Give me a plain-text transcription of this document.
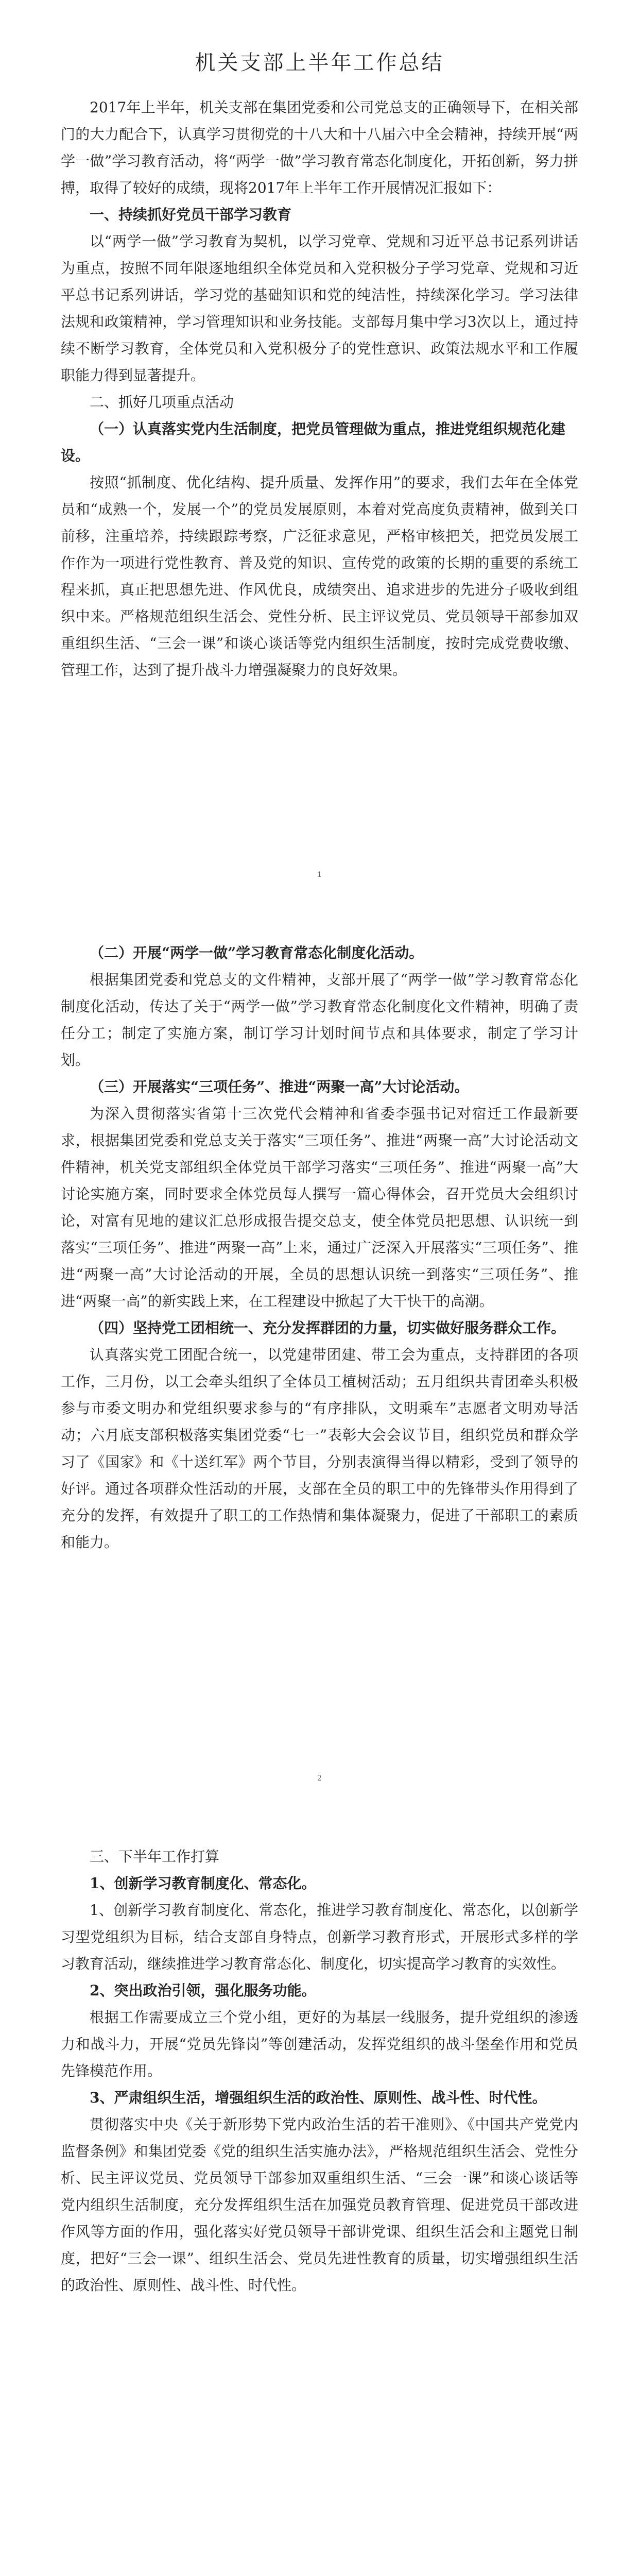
机关支部上半年工作总结

2017年上半年，机关支部在集团党委和公司党总支的正确领导下，在相关部门的大力配合下，认真学习贯彻党的十八大和十八届六中全会精神，持续开展“两学一做”学习教育活动，将“两学一做”学习教育常态化制度化，开拓创新，努力拼搏，取得了较好的成绩，现将2017年上半年工作开展情况汇报如下：

一、持续抓好党员干部学习教育

以“两学一做”学习教育为契机，以学习党章、党规和习近平总书记系列讲话为重点，按照不同年限逐地组织全体党员和入党积极分子学习党章、党规和习近平总书记系列讲话，学习党的基础知识和党的纯洁性，持续深化学习。学习法律法规和政策精神，学习管理知识和业务技能。支部每月集中学习3次以上，通过持续不断学习教育，全体党员和入党积极分子的党性意识、政策法规水平和工作履职能力得到显著提升。

二、抓好几项重点活动

（一）认真落实党内生活制度，把党员管理做为重点，推进党组织规范化建设。

按照“抓制度、优化结构、提升质量、发挥作用”的要求，我们去年在全体党员和“成熟一个，发展一个”的党员发展原则，本着对党高度负责精神，做到关口前移，注重培养，持续跟踪考察，广泛征求意见，严格审核把关，把党员发展工作作为一项进行党性教育、普及党的知识、宣传党的政策的长期的重要的系统工程来抓，真正把思想先进、作风优良，成绩突出、追求进步的先进分子吸收到组织中来。严格规范组织生活会、党性分析、民主评议党员、党员领导干部参加双重组织生活、“三会一课”和谈心谈话等党内组织生活制度，按时完成党费收缴、管理工作，达到了提升战斗力增强凝聚力的良好效果。

1

（二）开展“两学一做”学习教育常态化制度化活动。

根据集团党委和党总支的文件精神，支部开展了“两学一做”学习教育常态化制度化活动，传达了关于“两学一做”学习教育常态化制度化文件精神，明确了责任分工；制定了实施方案，制订学习计划时间节点和具体要求，制定了学习计划。

（三）开展落实“三项任务”、推进“两聚一高”大讨论活动。

为深入贯彻落实省第十三次党代会精神和省委李强书记对宿迁工作最新要求，根据集团党委和党总支关于落实“三项任务”、推进“两聚一高”大讨论活动文件精神，机关党支部组织全体党员干部学习落实“三项任务”、推进“两聚一高”大讨论实施方案，同时要求全体党员每人撰写一篇心得体会，召开党员大会组织讨论，对富有见地的建议汇总形成报告提交总支，使全体党员把思想、认识统一到落实“三项任务”、推进“两聚一高”上来，通过广泛深入开展落实“三项任务”、推进“两聚一高”大讨论活动的开展，全员的思想认识统一到落实“三项任务”、推进“两聚一高”的新实践上来，在工程建设中掀起了大干快干的高潮。

（四）坚持党工团相统一、充分发挥群团的力量，切实做好服务群众工作。

认真落实党工团配合统一，以党建带团建、带工会为重点，支持群团的各项工作，三月份，以工会牵头组织了全体员工植树活动；五月组织共青团牵头积极参与市委文明办和党组织要求参与的“有序排队，文明乘车”志愿者文明劝导活动；六月底支部积极落实集团党委“七一”表彰大会会议节目，组织党员和群众学习了《国家》和《十送红军》两个节目，分别表演得当得以精彩，受到了领导的好评。通过各项群众性活动的开展，支部在全员的职工中的先锋带头作用得到了充分的发挥，有效提升了职工的工作热情和集体凝聚力，促进了干部职工的素质和能力。

2

三、下半年工作打算

1、创新学习教育制度化、常态化。

1、创新学习教育制度化、常态化，推进学习教育制度化、常态化，以创新学习型党组织为目标，结合支部自身特点，创新学习教育形式，开展形式多样的学习教育活动，继续推进学习教育常态化、制度化，切实提高学习教育的实效性。

2、突出政治引领，强化服务功能。

根据工作需要成立三个党小组，更好的为基层一线服务，提升党组织的渗透力和战斗力，开展“党员先锋岗”等创建活动，发挥党组织的战斗堡垒作用和党员先锋模范作用。

3、严肃组织生活，增强组织生活的政治性、原则性、战斗性、时代性。

贯彻落实中央《关于新形势下党内政治生活的若干准则》、《中国共产党党内监督条例》和集团党委《党的组织生活实施办法》，严格规范组织生活会、党性分析、民主评议党员、党员领导干部参加双重组织生活、“三会一课”和谈心谈话等党内组织生活制度，充分发挥组织生活在加强党员教育管理、促进党员干部改进作风等方面的作用，强化落实好党员领导干部讲党课、组织生活会和主题党日制度，把好“三会一课”、组织生活会、党员先进性教育的质量，切实增强组织生活的政治性、原则性、战斗性、时代性。
